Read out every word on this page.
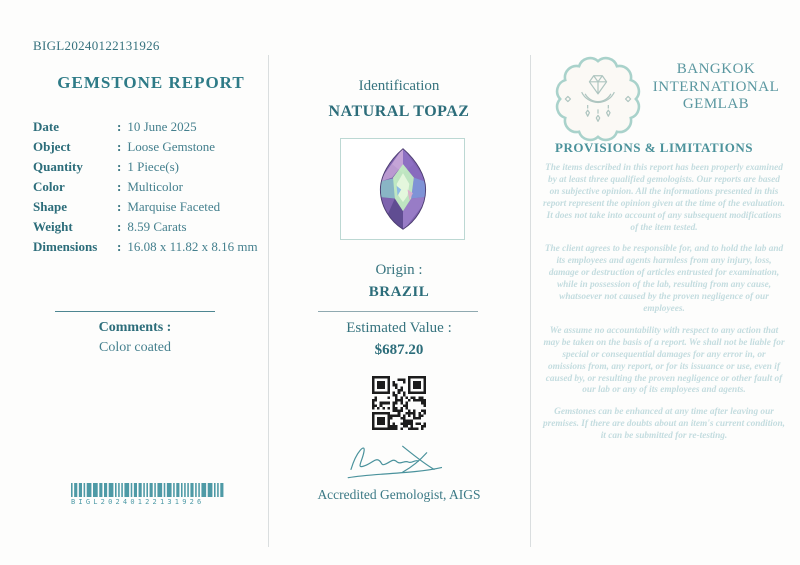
BIGL20240122131926
GEMSTONE REPORT
Date	: 10 June 2025
Object	: Loose Gemstone
Quantity	: 1 Piece(s)
Color	: Multicolor
Shape	: Marquise Faceted
Weight	: 8.59 Carats
Dimensions : 16.08 x 11.82 x 8.16 mm
Comments :
Color coated
BIGL20240122131926
Identification
NATURAL TOPAZ
Origin :
BRAZIL
Estimated Value :
$687.20
Accredited Gemologist, AIGS
BANGKOK
INTERNATIONAL
GEMLAB
PROVISIONS & LIMITATIONS

The items described in this report has been properly examined by at least three qualified gemologists. Our reports are based on subjective opinion. All the informations presented in this report represent the opinion given at the time of the evaluation. It does not take into account of any subsequent modifications of the item tested.

The client agrees to be responsible for, and to hold the lab and its employees and agents harmless from any injury, loss, damage or destruction of articles entrusted for examination, while in possession of the lab, resulting from any cause, whatsoever not caused by the proven negligence of our employees.

We assume no accountability with respect to any action that may be taken on the basis of a report. We shall not be liable for special or consequential damages for any error in, or omissions from, any report, or for its issuance or use, even if caused by, or resulting the proven negligence or other fault of our lab or any of its employees and agents.

Gemstones can be enhanced at any time after leaving our premises. If there are doubts about an item's current condition, it can be submitted for re-testing.
